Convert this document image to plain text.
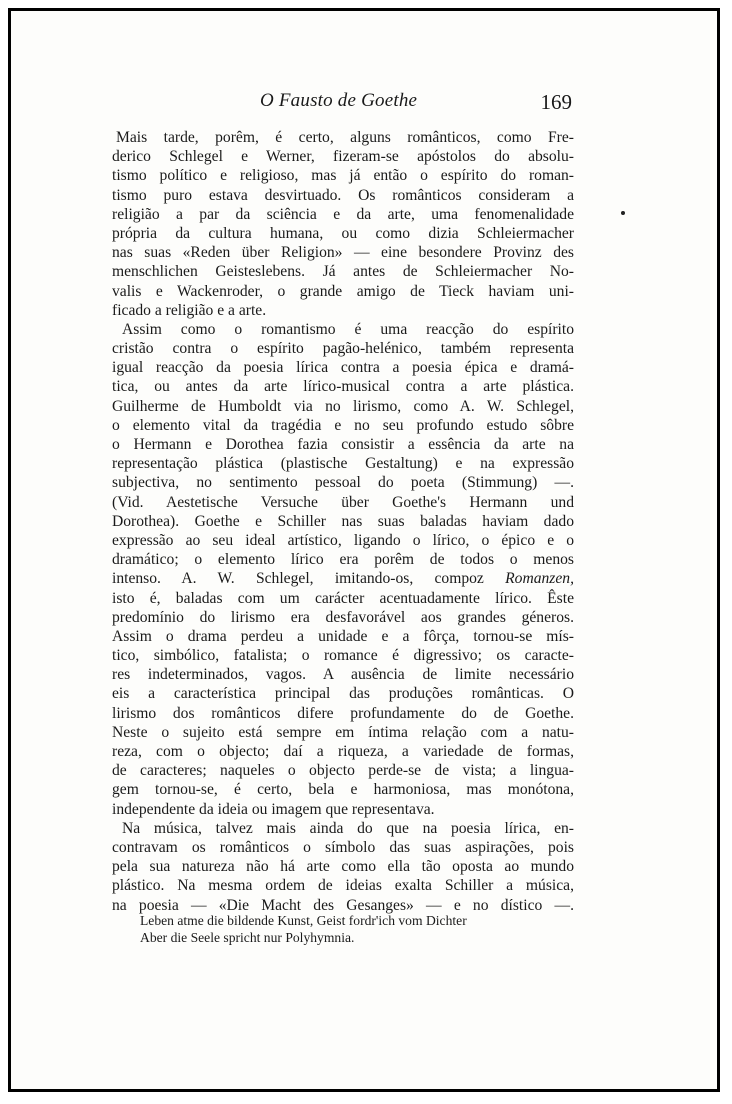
O Fausto de Goethe	169
Mais tarde, porêm, é certo, alguns românticos, como Fre-
derico Schlegel e Werner, fizeram-se apóstolos do absolu-
tismo político e religioso, mas já então o espírito do roman-
tismo puro estava desvirtuado. Os românticos consideram a
religião a par da sciência e da arte, uma fenomenalidade
própria da cultura humana, ou como dizia Schleiermacher
nas suas «Reden über Religion» — eine besondere Provinz des
menschlichen Geisteslebens. Já antes de Schleiermacher No-
valis e Wackenroder, o grande amigo de Tieck haviam uni-
ficado a religião e a arte.
Assim como o romantismo é uma reacção do espírito
cristão contra o espírito pagão-helénico, também representa
igual reacção da poesia lírica contra a poesia épica e dramá-
tica, ou antes da arte lírico-musical contra a arte plástica.
Guilherme de Humboldt via no lirismo, como A. W. Schlegel,
o elemento vital da tragédia e no seu profundo estudo sôbre
o Hermann e Dorothea fazia consistir a essência da arte na
representação plástica (plastische Gestaltung) e na expressão
subjectiva, no sentimento pessoal do poeta (Stimmung) —.
(Vid. Aestetische Versuche über Goethe's Hermann und
Dorothea). Goethe e Schiller nas suas baladas haviam dado
expressão ao seu ideal artístico, ligando o lírico, o épico e o
dramático; o elemento lírico era porêm de todos o menos
intenso. A. W. Schlegel, imitando-os, compoz Romanzen,
isto é, baladas com um carácter acentuadamente lírico. Êste
predomínio do lirismo era desfavorável aos grandes géneros.
Assim o drama perdeu a unidade e a fôrça, tornou-se mís-
tico, simbólico, fatalista; o romance é digressivo; os caracte-
res indeterminados, vagos. A ausência de limite necessário
eis a característica principal das produções românticas. O
lirismo dos românticos difere profundamente do de Goethe.
Neste o sujeito está sempre em íntima relação com a natu-
reza, com o objecto; daí a riqueza, a variedade de formas,
de caracteres; naqueles o objecto perde-se de vista; a lingua-
gem tornou-se, é certo, bela e harmoniosa, mas monótona,
independente da ideia ou imagem que representava.
Na música, talvez mais ainda do que na poesia lírica, en-
contravam os românticos o símbolo das suas aspirações, pois
pela sua natureza não há arte como ella tão oposta ao mundo
plástico. Na mesma ordem de ideias exalta Schiller a música,
na poesia — «Die Macht des Gesanges» — e no dístico —.
Leben atme die bildende Kunst, Geist fordr'ich vom Dichter
Aber die Seele spricht nur Polyhymnia.
